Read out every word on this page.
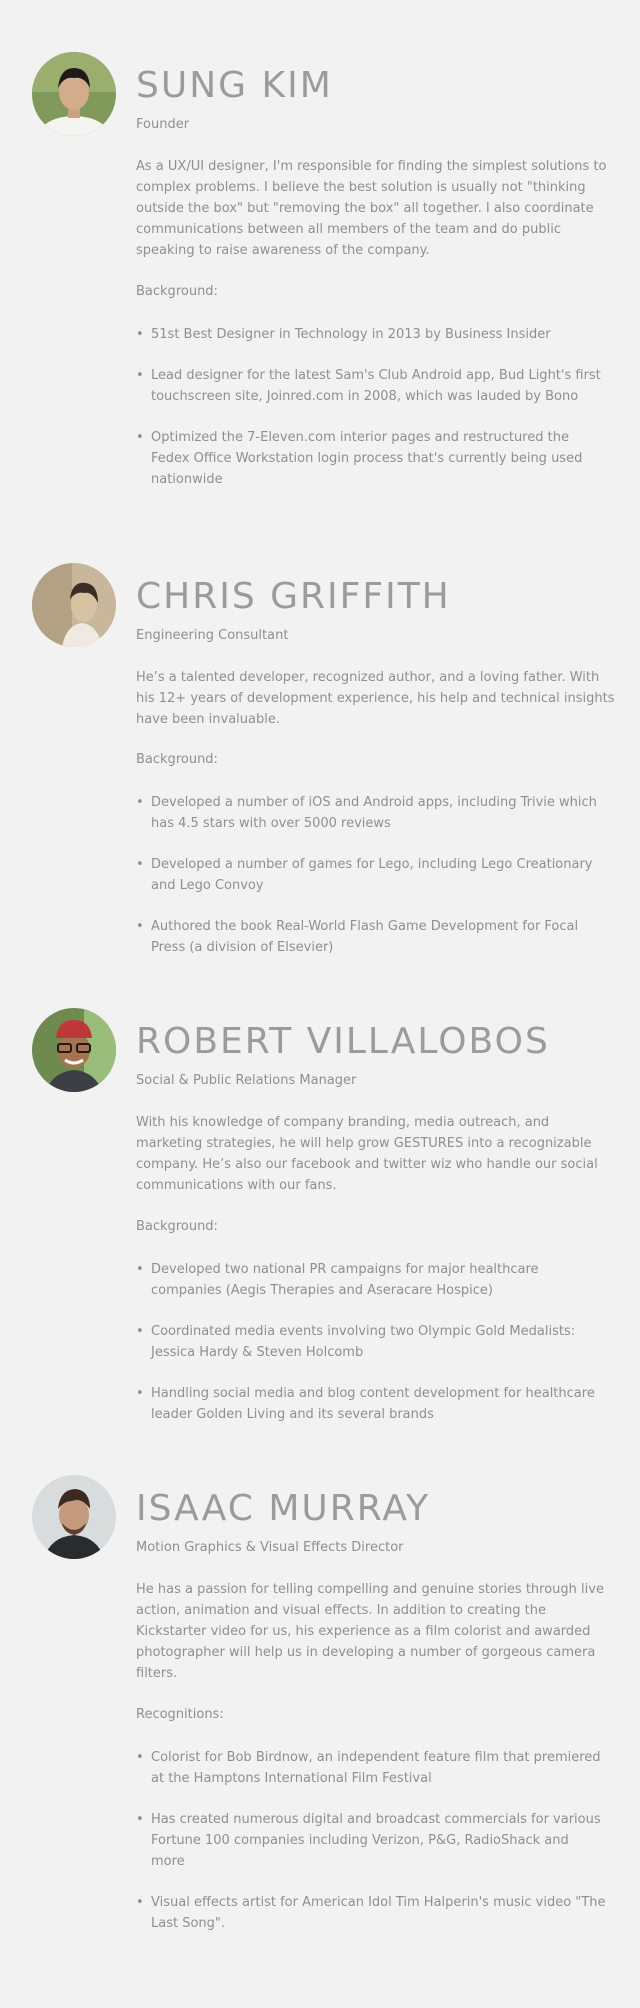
SUNG KIM

Founder

As a UX/UI designer, I'm responsible for finding the simplest solutions to complex problems. I believe the best solution is usually not "thinking outside the box" but "removing the box" all together. I also coordinate communications between all members of the team and do public speaking to raise awareness of the company.

Background:

• 51st Best Designer in Technology in 2013 by Business Insider
• Lead designer for the latest Sam's Club Android app, Bud Light's first touchscreen site, Joinred.com in 2008, which was lauded by Bono
• Optimized the 7-Eleven.com interior pages and restructured the Fedex Office Workstation login process that's currently being used nationwide
CHRIS GRIFFITH

Engineering Consultant

He’s a talented developer, recognized author, and a loving father. With his 12+ years of development experience, his help and technical insights have been invaluable.

Background:

• Developed a number of iOS and Android apps, including Trivie which has 4.5 stars with over 5000 reviews
• Developed a number of games for Lego, including Lego Creationary and Lego Convoy
• Authored the book Real-World Flash Game Development for Focal Press (a division of Elsevier)
ROBERT VILLALOBOS

Social & Public Relations Manager

With his knowledge of company branding, media outreach, and marketing strategies, he will help grow GESTURES into a recognizable company. He’s also our facebook and twitter wiz who handle our social communications with our fans.

Background:

• Developed two national PR campaigns for major healthcare companies (Aegis Therapies and Aseracare Hospice)
• Coordinated media events involving two Olympic Gold Medalists: Jessica Hardy & Steven Holcomb
• Handling social media and blog content development for healthcare leader Golden Living and its several brands
ISAAC MURRAY

Motion Graphics & Visual Effects Director

He has a passion for telling compelling and genuine stories through live action, animation and visual effects. In addition to creating the Kickstarter video for us, his experience as a film colorist and awarded photographer will help us in developing a number of gorgeous camera filters.

Recognitions:

• Colorist for Bob Birdnow, an independent feature film that premiered at the Hamptons International Film Festival
• Has created numerous digital and broadcast commercials for various Fortune 100 companies including Verizon, P&G, RadioShack and more
• Visual effects artist for American Idol Tim Halperin's music video "The Last Song".
